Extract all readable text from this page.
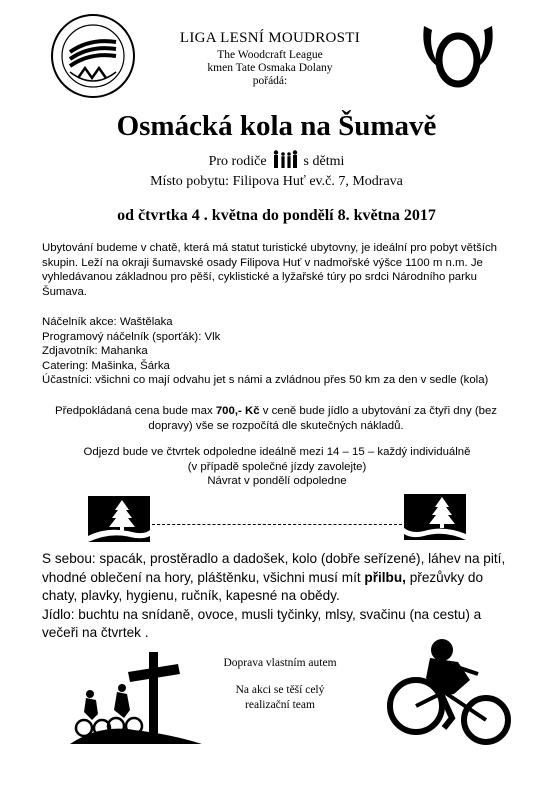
LIGA LESNÍ MOUDROSTI
The Woodcraft League
kmen Tate Osmaka Dolany
pořádá:
Osmácká kola na Šumavě
Pro rodiče	s dětmi
Místo pobytu: Filipova Huť ev.č. 7, Modrava
od čtvrtka 4 . května do pondělí 8. května 2017

Ubytování budeme v chatě, která má statut turistické ubytovny, je ideální pro pobyt větších skupin. Leží na okraji šumavské osady Filipova Huť v nadmořské výšce 1100 m n.m. Je vyhledávanou základnou pro pěší, cyklistické a lyžařské túry po srdci Národního parku Šumava.

Náčelník akce: Waštělaka

Programový náčelník (sporťák): Vlk

Zdjavotník: Mahanka

Catering: Mašinka, Šárka

Účastníci: všichni co mají odvahu jet s námi a zvládnou přes 50 km za den v sedle (kola)

Předpokládaná cena bude max 700,- Kč v ceně bude jídlo a ubytování za čtyři dny (bez dopravy) vše se rozpočítá dle skutečných nákladů.

Odjezd bude ve čtvrtek odpoledne ideálně mezi 14 – 15 – každý individuálně

(v případě společné jízdy zavolejte)

Návrat v pondělí odpoledne

S sebou: spacák, prostěradlo a dadošek, kolo (dobře seřízené), láhev na pití, vhodné oblečení na hory, pláštěnku, všichni musí mít přilbu, přezůvky do chaty, plavky, hygienu, ručník, kapesné na obědy.

Jídlo: buchtu na snídaně, ovoce, musli tyčinky, mlsy, svačinu (na cestu) a večeři na čtvrtek .

Doprava vlastním autem
Na akci se těší celý
realizační team
